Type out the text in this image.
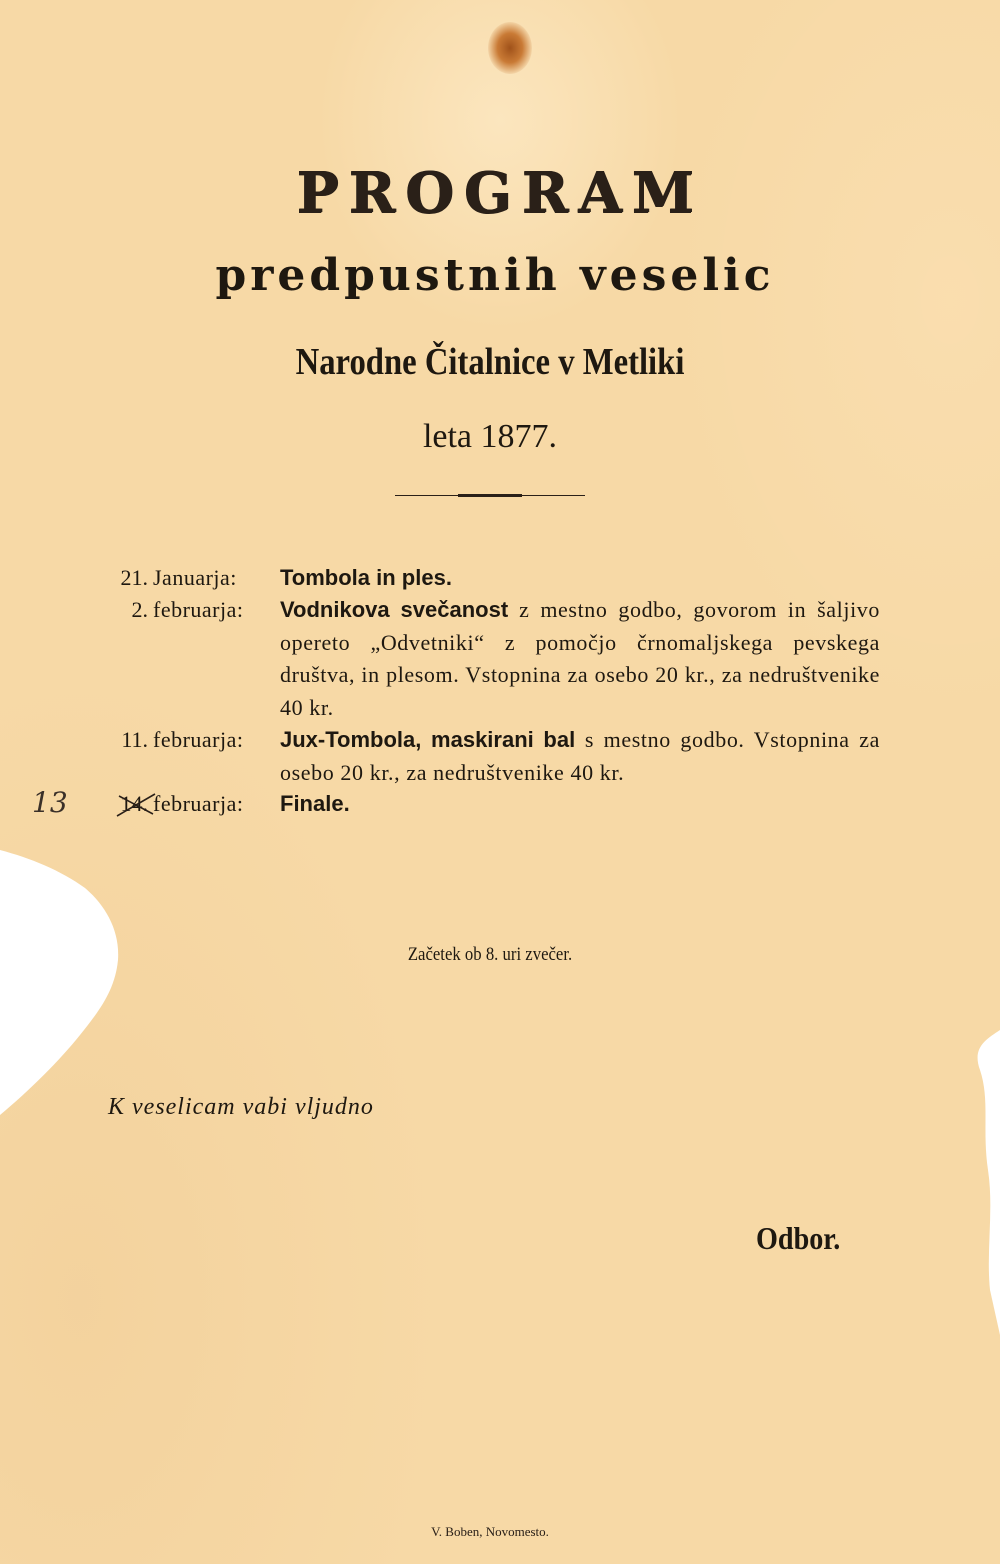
PROGRAM
predpustnih veselic
Narodne Čitalnice v Metliki
leta 1877.
21. Januarja:	Tombola in ples.
2. februarja:	Vodnikova svečanost z mestno godbo, govorom in šaljivo opereto „Odvetniki“ z pomočjo črnomaljskega pevskega društva, in plesom. Vstopnina za osebo 20 kr., za nedruštvenike 40 kr.
11. februarja:	Jux-Tombola, maskirani bal s mestno godbo. Vstopnina za osebo 20 kr., za nedruštvenike 40 kr.
13	14. februarja:	Finale.
Začetek ob 8. uri zvečer.
K veselicam vabi vljudno
Odbor.
V. Boben, Novomesto.
